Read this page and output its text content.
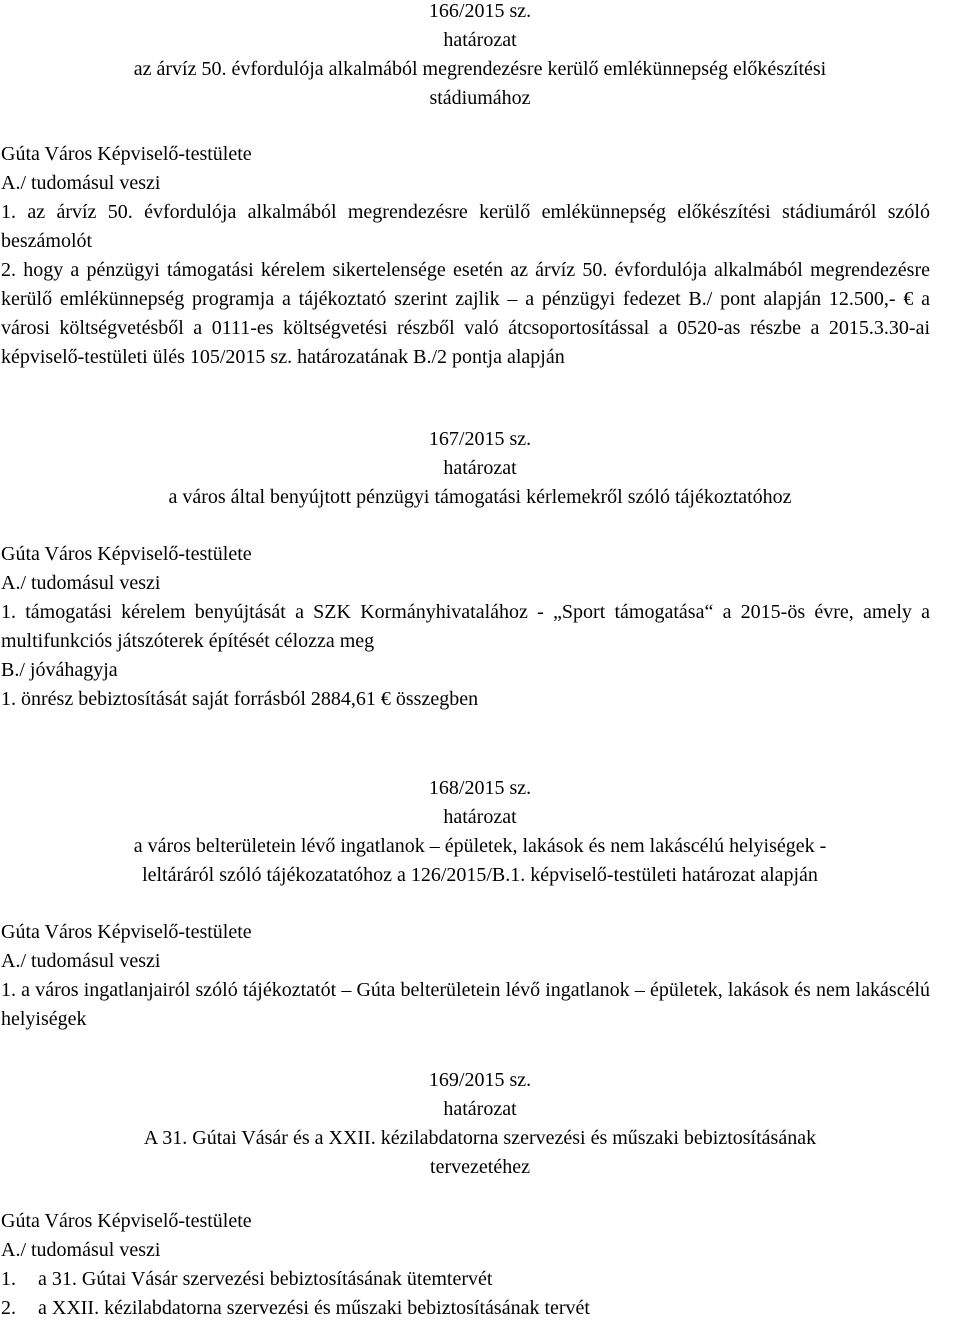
166/2015 sz.

határozat

az árvíz 50. évfordulója alkalmából megrendezésre kerülő emlékünnepség előkészítési

stádiumához

Gúta Város Képviselő-testülete

A./ tudomásul veszi

1. az árvíz 50. évfordulója alkalmából megrendezésre kerülő emlékünnepség előkészítési stádiumáról szóló beszámolót

2. hogy a pénzügyi támogatási kérelem sikertelensége esetén az árvíz 50. évfordulója alkalmából megrendezésre kerülő emlékünnepség programja a tájékoztató szerint zajlik – a pénzügyi fedezet B./ pont alapján 12.500,- € a városi költségvetésből a 0111-es költségvetési részből való átcsoportosítással a 0520-as részbe a 2015.3.30-ai képviselő-testületi ülés 105/2015 sz. határozatának B./2 pontja alapján

167/2015 sz.

határozat

a város által benyújtott pénzügyi támogatási kérlemekről szóló tájékoztatóhoz

Gúta Város Képviselő-testülete

A./ tudomásul veszi

1. támogatási kérelem benyújtását a SZK Kormányhivatalához - „Sport támogatása“ a 2015-ös évre, amely a multifunkciós játszóterek építését célozza meg

B./ jóváhagyja

1. önrész bebiztosítását saját forrásból 2884,61 € összegben

168/2015 sz.

határozat

a város belterületein lévő ingatlanok – épületek, lakások és nem lakáscélú helyiségek -

leltáráról szóló tájékozatatóhoz a 126/2015/B.1. képviselő-testületi határozat alapján

Gúta Város Képviselő-testülete

A./ tudomásul veszi

1. a város ingatlanjairól szóló tájékoztatót – Gúta belterületein lévő ingatlanok – épületek, lakások és nem lakáscélú helyiségek

169/2015 sz.

határozat

A 31. Gútai Vásár és a XXII. kézilabdatorna szervezési és műszaki bebiztosításának

tervezetéhez

Gúta Város Képviselő-testülete

A./ tudomásul veszi

1. a 31. Gútai Vásár szervezési bebiztosításának ütemtervét

2. a XXII. kézilabdatorna szervezési és műszaki bebiztosításának tervét
